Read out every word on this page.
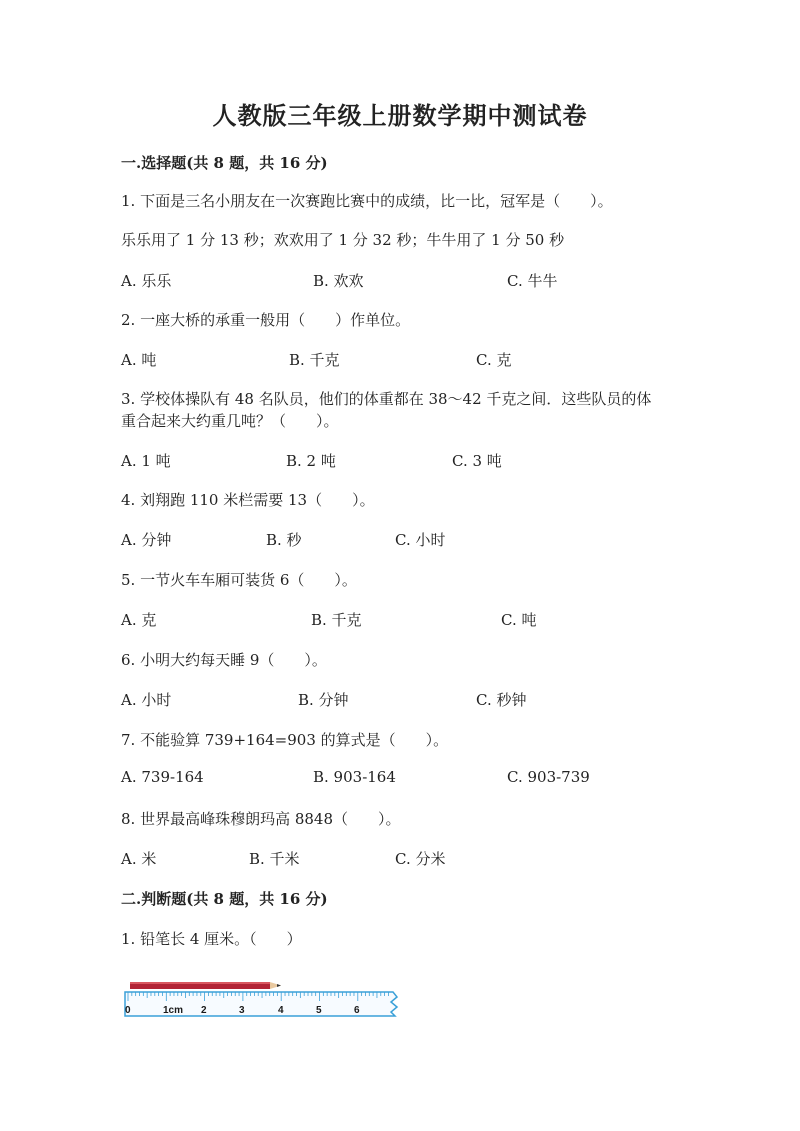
人教版三年级上册数学期中测试卷
一.选择题(共 8 题，共 16 分)
1. 下面是三名小朋友在一次赛跑比赛中的成绩，比一比，冠军是（　　）。
乐乐用了 1 分 13 秒；欢欢用了 1 分 32 秒；牛牛用了 1 分 50 秒
A. 乐乐	B. 欢欢	C. 牛牛
2. 一座大桥的承重一般用（　　）作单位。
A. 吨	B. 千克	C. 克
3. 学校体操队有 48 名队员，他们的体重都在 38～42 千克之间．这些队员的体
重合起来大约重几吨？（　　）。
A. 1 吨	B. 2 吨	C. 3 吨
4. 刘翔跑 110 米栏需要 13（　　）。
A. 分钟	B. 秒	C. 小时
5. 一节火车车厢可装货 6（　　）。
A. 克	B. 千克	C. 吨
6. 小明大约每天睡 9（　　）。
A. 小时	B. 分钟	C. 秒钟
7. 不能验算 739+164=903 的算式是（　　）。
A. 739-164	B. 903-164	C. 903-739
8. 世界最高峰珠穆朗玛高 8848（　　）。
A. 米	B. 千米	C. 分米
二.判断题(共 8 题，共 16 分)
1. 铅笔长 4 厘米。（　　）
0	1cm 2	3	4	5	6
